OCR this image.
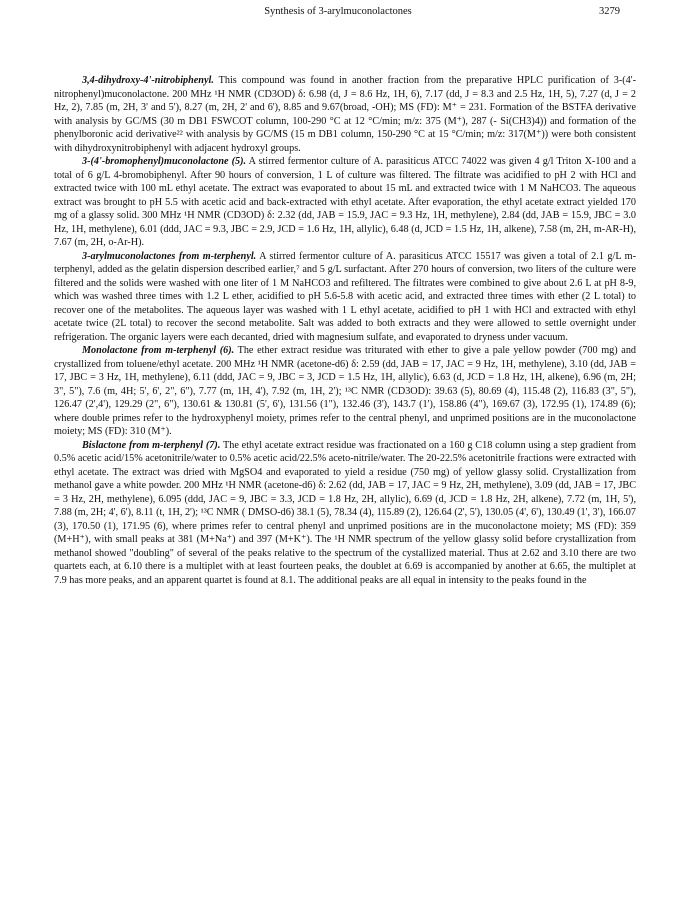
Synthesis of 3-arylmuconolactones	3279

3,4-dihydroxy-4'-nitrobiphenyl. This compound was found in another fraction from the preparative HPLC purification of 3-(4'-nitrophenyl)muconolactone. 200 MHz ¹H NMR (CD3OD) δ: 6.98 (d, J = 8.6 Hz, 1H, 6), 7.17 (dd, J = 8.3 and 2.5 Hz, 1H, 5), 7.27 (d, J = 2 Hz, 2), 7.85 (m, 2H, 3' and 5'), 8.27 (m, 2H, 2' and 6'), 8.85 and 9.67(broad, -OH); MS (FD): M⁺ = 231. Formation of the BSTFA derivative with analysis by GC/MS (30 m DB1 FSWCOT column, 100-290 °C at 12 °C/min; m/z: 375 (M⁺), 287 (- Si(CH3)4)) and formation of the phenylboronic acid derivative²² with analysis by GC/MS (15 m DB1 column, 150-290 °C at 15 °C/min; m/z: 317(M⁺)) were both consistent with dihydroxynitrobiphenyl with adjacent hydroxyl groups.

3-(4'-bromophenyl)muconolactone (5). A stirred fermentor culture of A. parasiticus ATCC 74022 was given 4 g/l Triton X-100 and a total of 6 g/L 4-bromobiphenyl. After 90 hours of conversion, 1 L of culture was filtered. The filtrate was acidified to pH 2 with HCl and extracted twice with 100 mL ethyl acetate. The extract was evaporated to about 15 mL and extracted twice with 1 M NaHCO3. The aqueous extract was brought to pH 5.5 with acetic acid and back-extracted with ethyl acetate. After evaporation, the ethyl acetate extract yielded 170 mg of a glassy solid. 300 MHz ¹H NMR (CD3OD) δ: 2.32 (dd, JAB = 15.9, JAC = 9.3 Hz, 1H, methylene), 2.84 (dd, JAB = 15.9, JBC = 3.0 Hz, 1H, methylene), 6.01 (ddd, JAC = 9.3, JBC = 2.9, JCD = 1.6 Hz, 1H, allylic), 6.48 (d, JCD = 1.5 Hz, 1H, alkene), 7.58 (m, 2H, m-AR-H), 7.67 (m, 2H, o-Ar-H).

3-arylmuconolactones from m-terphenyl. A stirred fermentor culture of A. parasiticus ATCC 15517 was given a total of 2.1 g/L m-terphenyl, added as the gelatin dispersion described earlier,⁷ and 5 g/L surfactant. After 270 hours of conversion, two liters of the culture were filtered and the solids were washed with one liter of 1 M NaHCO3 and refiltered. The filtrates were combined to give about 2.6 L at pH 8-9, which was washed three times with 1.2 L ether, acidified to pH 5.6-5.8 with acetic acid, and extracted three times with ether (2 L total) to recover one of the metabolites. The aqueous layer was washed with 1 L ethyl acetate, acidified to pH 1 with HCl and extracted with ethyl acetate twice (2L total) to recover the second metabolite. Salt was added to both extracts and they were allowed to settle overnight under refrigeration. The organic layers were each decanted, dried with magnesium sulfate, and evaporated to dryness under vacuum.

Monolactone from m-terphenyl (6). The ether extract residue was triturated with ether to give a pale yellow powder (700 mg) and crystallized from toluene/ethyl acetate. 200 MHz ¹H NMR (acetone-d6) δ: 2.59 (dd, JAB = 17, JAC = 9 Hz, 1H, methylene), 3.10 (dd, JAB = 17, JBC = 3 Hz, 1H, methylene), 6.11 (ddd, JAC = 9, JBC = 3, JCD = 1.5 Hz, 1H, allylic), 6.63 (d, JCD = 1.8 Hz, 1H, alkene), 6.96 (m, 2H; 3", 5"), 7.6 (m, 4H; 5', 6', 2", 6"), 7.77 (m, 1H, 4'), 7.92 (m, 1H, 2'); ¹³C NMR (CD3OD): 39.63 (5), 80.69 (4), 115.48 (2), 116.83 (3", 5"), 126.47 (2',4'), 129.29 (2", 6"), 130.61 & 130.81 (5', 6'), 131.56 (1"), 132.46 (3'), 143.7 (1'), 158.86 (4"), 169.67 (3), 172.95 (1), 174.89 (6); where double primes refer to the hydroxyphenyl moiety, primes refer to the central phenyl, and unprimed positions are in the muconolactone moiety; MS (FD): 310 (M⁺).

Bislactone from m-terphenyl (7). The ethyl acetate extract residue was fractionated on a 160 g C18 column using a step gradient from 0.5% acetic acid/15% acetonitrile/water to 0.5% acetic acid/22.5% aceto-nitrile/water. The 20-22.5% acetonitrile fractions were extracted with ethyl acetate. The extract was dried with MgSO4 and evaporated to yield a residue (750 mg) of yellow glassy solid. Crystallization from methanol gave a white powder. 200 MHz ¹H NMR (acetone-d6) δ: 2.62 (dd, JAB = 17, JAC = 9 Hz, 2H, methylene), 3.09 (dd, JAB = 17, JBC = 3 Hz, 2H, methylene), 6.095 (ddd, JAC = 9, JBC = 3.3, JCD = 1.8 Hz, 2H, allylic), 6.69 (d, JCD = 1.8 Hz, 2H, alkene), 7.72 (m, 1H, 5'), 7.88 (m, 2H; 4', 6'), 8.11 (t, 1H, 2'); ¹³C NMR ( DMSO-d6) 38.1 (5), 78.34 (4), 115.89 (2), 126.64 (2', 5'), 130.05 (4', 6'), 130.49 (1', 3'), 166.07 (3), 170.50 (1), 171.95 (6), where primes refer to central phenyl and unprimed positions are in the muconolactone moiety; MS (FD): 359 (M+H⁺), with small peaks at 381 (M+Na⁺) and 397 (M+K⁺). The ¹H NMR spectrum of the yellow glassy solid before crystallization from methanol showed "doubling" of several of the peaks relative to the spectrum of the cystallized material. Thus at 2.62 and 3.10 there are two quartets each, at 6.10 there is a multiplet with at least fourteen peaks, the doublet at 6.69 is accompanied by another at 6.65, the multiplet at 7.9 has more peaks, and an apparent quartet is found at 8.1. The additional peaks are all equal in intensity to the peaks found in the
